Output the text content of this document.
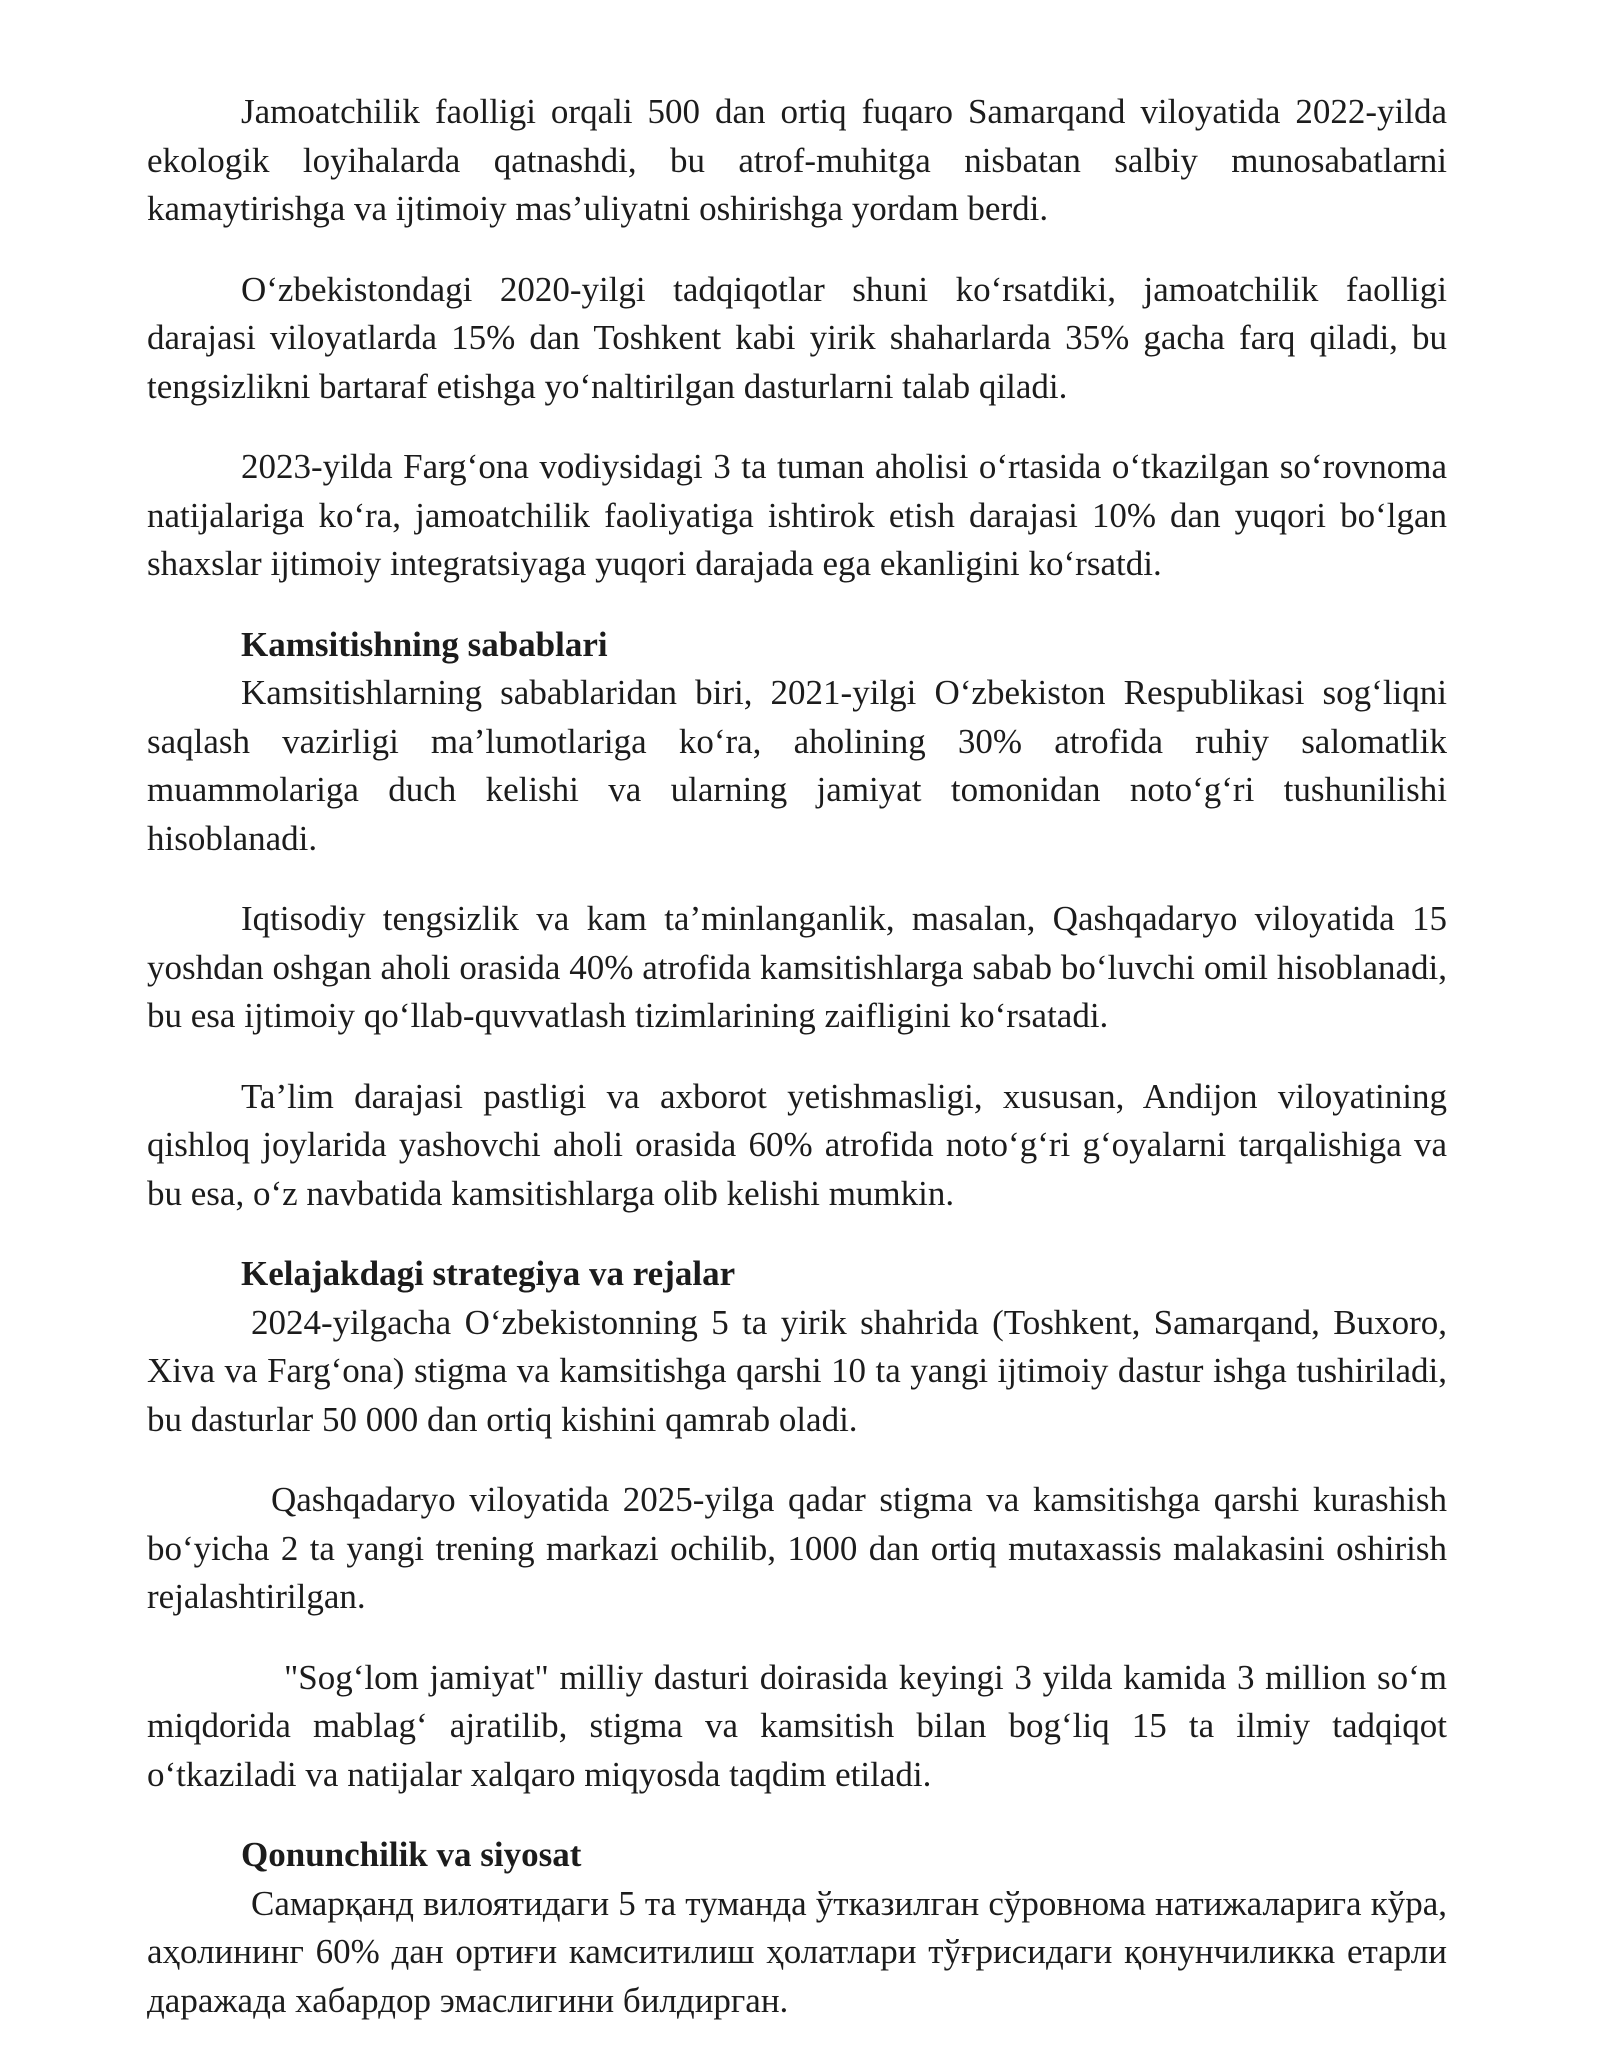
Jamoatchilik faolligi orqali 500 dan ortiq fuqaro Samarqand viloyatida 2022-yilda ekologik loyihalarda qatnashdi, bu atrof-muhitga nisbatan salbiy munosabatlarni kamaytirishga va ijtimoiy mas’uliyatni oshirishga yordam berdi.

O‘zbekistondagi 2020-yilgi tadqiqotlar shuni ko‘rsatdiki, jamoatchilik faolligi darajasi viloyatlarda 15% dan Toshkent kabi yirik shaharlarda 35% gacha farq qiladi, bu tengsizlikni bartaraf etishga yo‘naltirilgan dasturlarni talab qiladi.

2023-yilda Farg‘ona vodiysidagi 3 ta tuman aholisi o‘rtasida o‘tkazilgan so‘rovnoma natijalariga ko‘ra, jamoatchilik faoliyatiga ishtirok etish darajasi 10% dan yuqori bo‘lgan shaxslar ijtimoiy integratsiyaga yuqori darajada ega ekanligini ko‘rsatdi.

Kamsitishning sabablari

Kamsitishlarning sabablaridan biri, 2021-yilgi O‘zbekiston Respublikasi sog‘liqni saqlash vazirligi ma’lumotlariga ko‘ra, aholining 30% atrofida ruhiy salomatlik muammolariga duch kelishi va ularning jamiyat tomonidan noto‘g‘ri tushunilishi hisoblanadi.

Iqtisodiy tengsizlik va kam ta’minlanganlik, masalan, Qashqadaryo viloyatida 15 yoshdan oshgan aholi orasida 40% atrofida kamsitishlarga sabab bo‘luvchi omil hisoblanadi, bu esa ijtimoiy qo‘llab-quvvatlash tizimlarining zaifligini ko‘rsatadi.

Ta’lim darajasi pastligi va axborot yetishmasligi, xususan, Andijon viloyatining qishloq joylarida yashovchi aholi orasida 60% atrofida noto‘g‘ri g‘oyalarni tarqalishiga va bu esa, o‘z navbatida kamsitishlarga olib kelishi mumkin.

Kelajakdagi strategiya va rejalar

2024-yilgacha O‘zbekistonning 5 ta yirik shahrida (Toshkent, Samarqand, Buxoro, Xiva va Farg‘ona) stigma va kamsitishga qarshi 10 ta yangi ijtimoiy dastur ishga tushiriladi, bu dasturlar 50 000 dan ortiq kishini qamrab oladi.

Qashqadaryo viloyatida 2025-yilga qadar stigma va kamsitishga qarshi kurashish bo‘yicha 2 ta yangi trening markazi ochilib, 1000 dan ortiq mutaxassis malakasini oshirish rejalashtirilgan.

"Sog‘lom jamiyat" milliy dasturi doirasida keyingi 3 yilda kamida 3 million so‘m miqdorida mablag‘ ajratilib, stigma va kamsitish bilan bog‘liq 15 ta ilmiy tadqiqot o‘tkaziladi va natijalar xalqaro miqyosda taqdim etiladi.

Qonunchilik va siyosat

Самарқанд вилоятидаги 5 та туманда ўтказилган сўровнома натижаларига кўра, аҳолининг 60% дан ортиғи камситилиш ҳолатлари тўғрисидаги қонунчиликка етарли даражада хабардор эмаслигини билдирган.
